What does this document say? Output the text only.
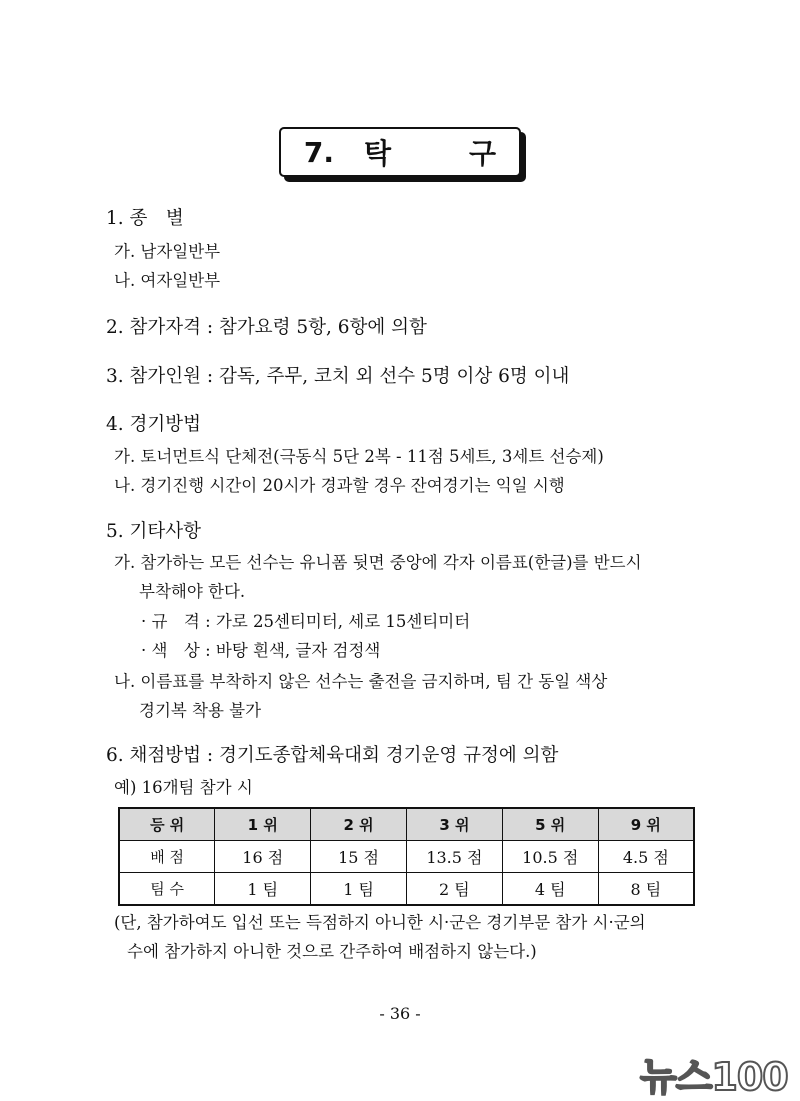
7. 탁구
1. 종　별
가. 남자일반부
나. 여자일반부
2. 참가자격 : 참가요령 5항, 6항에 의함
3. 참가인원 : 감독, 주무, 코치 외 선수 5명 이상 6명 이내
4. 경기방법
가. 토너먼트식 단체전(극동식 5단 2복 - 11점 5세트, 3세트 선승제)
나. 경기진행 시간이 20시가 경과할 경우 잔여경기는 익일 시행
5. 기타사항
가. 참가하는 모든 선수는 유니폼 뒷면 중앙에 각자 이름표(한글)를 반드시
부착해야 한다.
· 규　격 : 가로 25센티미터, 세로 15센티미터
· 색　상 : 바탕 흰색, 글자 검정색
나. 이름표를 부착하지 않은 선수는 출전을 금지하며, 팀 간 동일 색상
경기복 착용 불가
6. 채점방법 : 경기도종합체육대회 경기운영 규정에 의함
예) 16개팀 참가 시
등 위	1 위	2 위	3 위	5 위	9 위
배 점	16 점	15 점	13.5 점	10.5 점	4.5 점
팀 수	1 팀	1 팀	2 팀	4 팀	8 팀
(단, 참가하여도 입선 또는 득점하지 아니한 시·군은 경기부문 참가 시·군의
수에 참가하지 아니한 것으로 간주하여 배점하지 않는다.)
- 36 -
뉴스100
